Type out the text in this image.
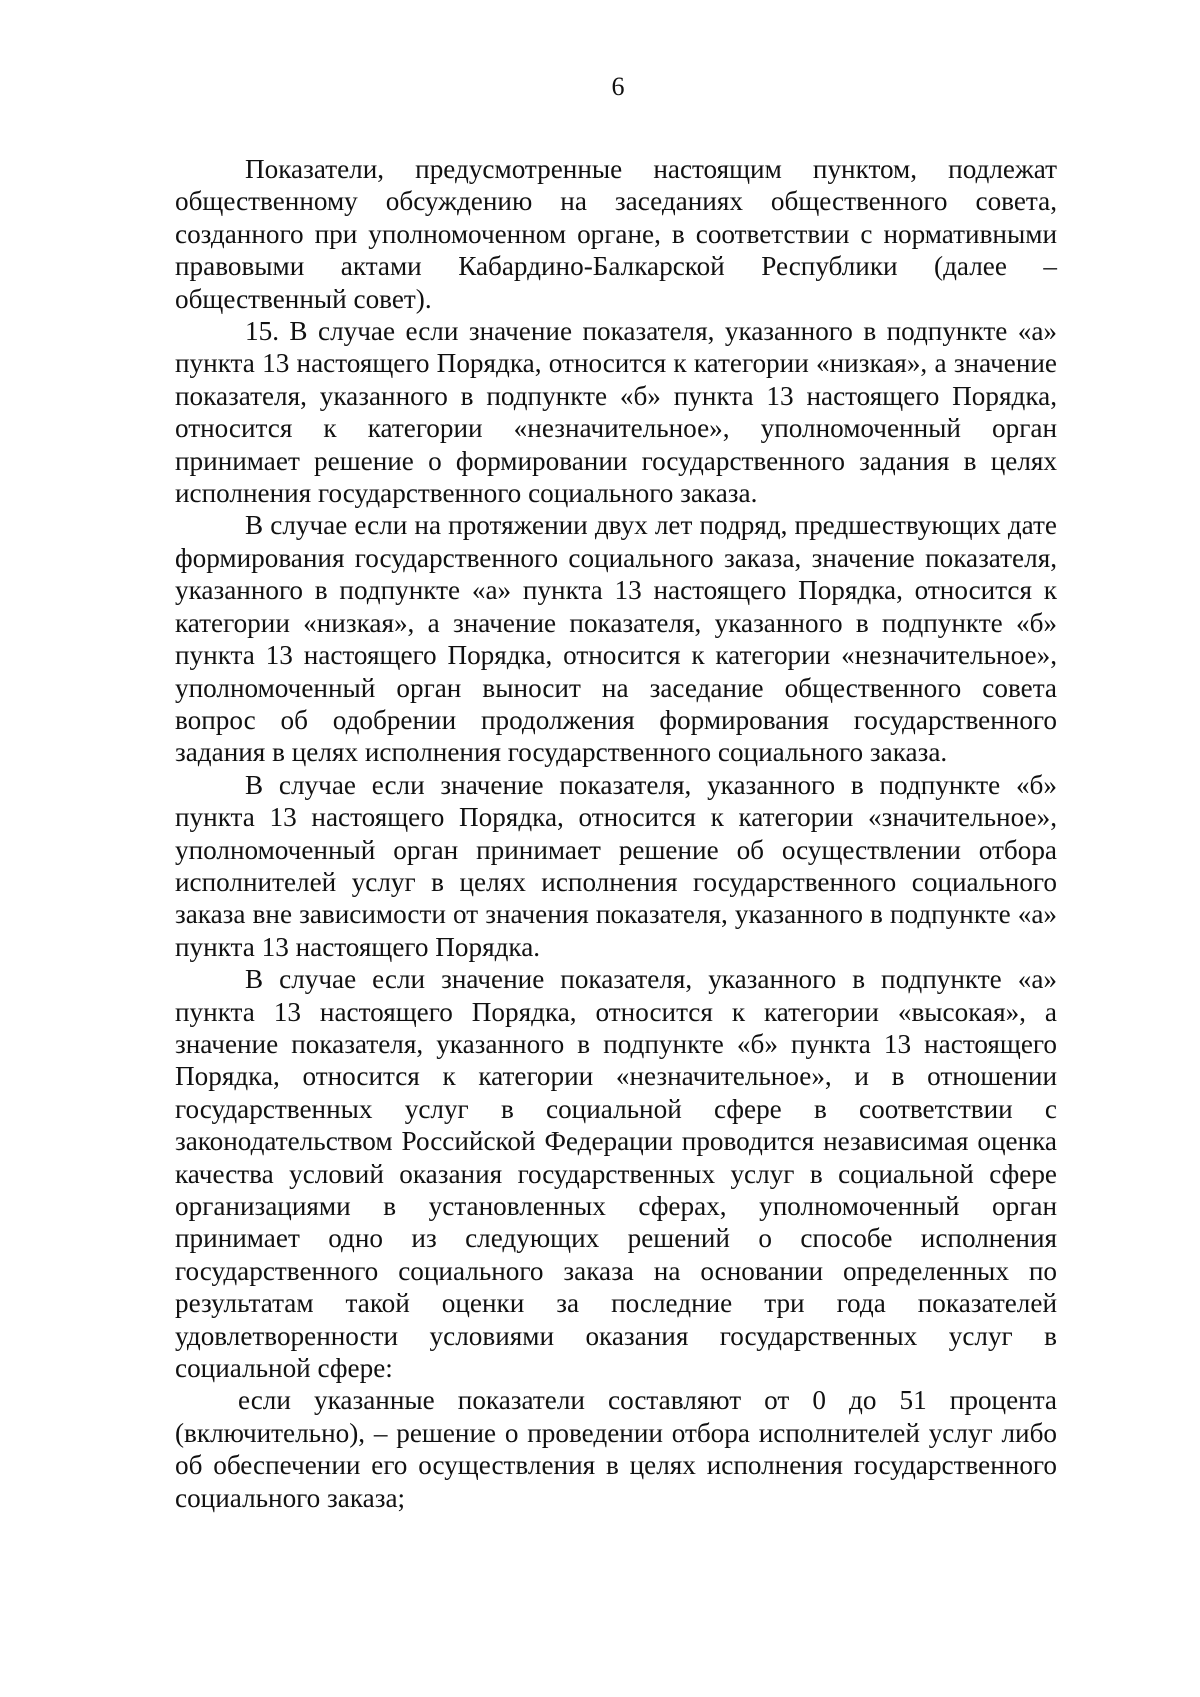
6

Показатели, предусмотренные настоящим пунктом, подлежат общественному обсуждению на заседаниях общественного совета, созданного при уполномоченном органе, в соответствии с нормативными правовыми актами Кабардино-Балкарской Республики (далее – общественный совет).

15. В случае если значение показателя, указанного в подпункте «а» пункта 13 настоящего Порядка, относится к категории «низкая», а значение показателя, указанного в подпункте «б» пункта 13 настоящего Порядка, относится к категории «незначительное», уполномоченный орган принимает решение о формировании государственного задания в целях исполнения государственного социального заказа.

В случае если на протяжении двух лет подряд, предшествующих дате формирования государственного социального заказа, значение показателя, указанного в подпункте «а» пункта 13 настоящего Порядка, относится к категории «низкая», а значение показателя, указанного в подпункте «б» пункта 13 настоящего Порядка, относится к категории «незначительное», уполномоченный орган выносит на заседание общественного совета вопрос об одобрении продолжения формирования государственного задания в целях исполнения государственного социального заказа.

В случае если значение показателя, указанного в подпункте «б» пункта 13 настоящего Порядка, относится к категории «значительное», уполномоченный орган принимает решение об осуществлении отбора исполнителей услуг в целях исполнения государственного социального заказа вне зависимости от значения показателя, указанного в подпункте «а» пункта 13 настоящего Порядка.

В случае если значение показателя, указанного в подпункте «а» пункта 13 настоящего Порядка, относится к категории «высокая», а значение показателя, указанного в подпункте «б» пункта 13 настоящего Порядка, относится к категории «незначительное», и в отношении государственных услуг в социальной сфере в соответствии с законодательством Российской Федерации проводится независимая оценка качества условий оказания государственных услуг в социальной сфере организациями в установленных сферах, уполномоченный орган принимает одно из следующих решений о способе исполнения государственного социального заказа на основании определенных по результатам такой оценки за последние три года показателей удовлетворенности условиями оказания государственных услуг в социальной сфере:

если указанные показатели составляют от 0 до 51 процента (включительно), – решение о проведении отбора исполнителей услуг либо об обеспечении его осуществления в целях исполнения государственного социального заказа;
